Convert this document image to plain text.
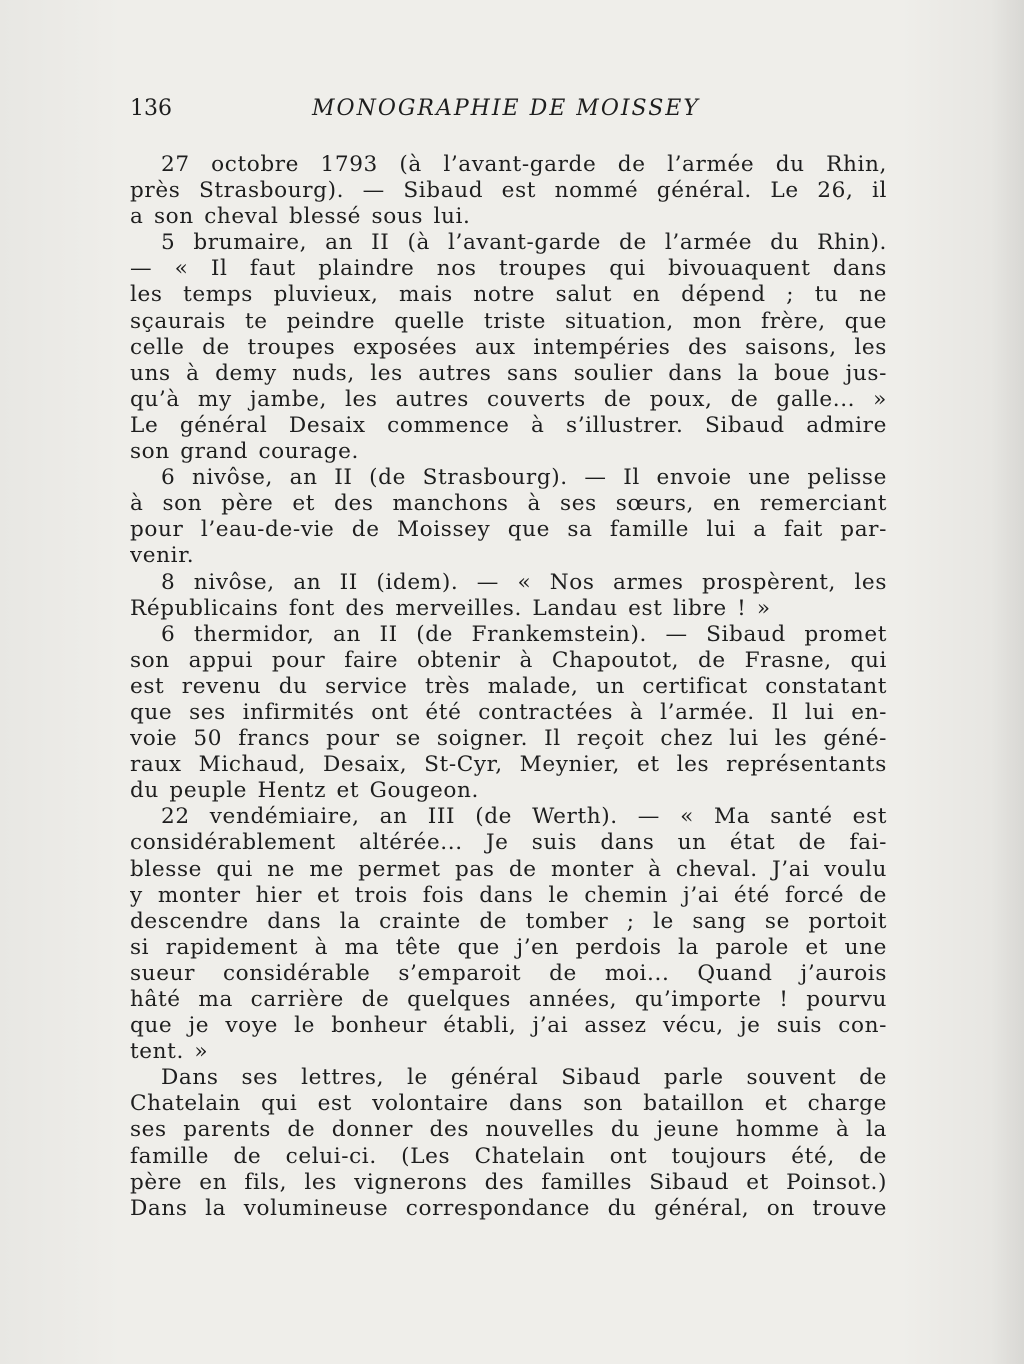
136	MONOGRAPHIE DE MOISSEY
27 octobre 1793 (à l’avant-garde de l’armée du Rhin,
près Strasbourg). — Sibaud est nommé général. Le 26, il
a son cheval blessé sous lui.
5 brumaire, an II (à l’avant-garde de l’armée du Rhin).
— « Il faut plaindre nos troupes qui bivouaquent dans
les temps pluvieux, mais notre salut en dépend ; tu ne
sçaurais te peindre quelle triste situation, mon frère, que
celle de troupes exposées aux intempéries des saisons, les
uns à demy nuds, les autres sans soulier dans la boue jus-
qu’à my jambe, les autres couverts de poux, de galle... »
Le général Desaix commence à s’illustrer. Sibaud admire
son grand courage.
6 nivôse, an II (de Strasbourg). — Il envoie une pelisse
à son père et des manchons à ses sœurs, en remerciant
pour l’eau-de-vie de Moissey que sa famille lui a fait par-
venir.
8 nivôse, an II (idem). — « Nos armes prospèrent, les
Républicains font des merveilles. Landau est libre ! »
6 thermidor, an II (de Frankemstein). — Sibaud promet
son appui pour faire obtenir à Chapoutot, de Frasne, qui
est revenu du service très malade, un certificat constatant
que ses infirmités ont été contractées à l’armée. Il lui en-
voie 50 francs pour se soigner. Il reçoit chez lui les géné-
raux Michaud, Desaix, St-Cyr, Meynier, et les représentants
du peuple Hentz et Gougeon.
22 vendémiaire, an III (de Werth). — « Ma santé est
considérablement altérée... Je suis dans un état de fai-
blesse qui ne me permet pas de monter à cheval. J’ai voulu
y monter hier et trois fois dans le chemin j’ai été forcé de
descendre dans la crainte de tomber ; le sang se portoit
si rapidement à ma tête que j’en perdois la parole et une
sueur considérable s’emparoit de moi... Quand j’aurois
hâté ma carrière de quelques années, qu’importe ! pourvu
que je voye le bonheur établi, j’ai assez vécu, je suis con-
tent. »
Dans ses lettres, le général Sibaud parle souvent de
Chatelain qui est volontaire dans son bataillon et charge
ses parents de donner des nouvelles du jeune homme à la
famille de celui-ci. (Les Chatelain ont toujours été, de
père en fils, les vignerons des familles Sibaud et Poinsot.)
Dans la volumineuse correspondance du général, on trouve
